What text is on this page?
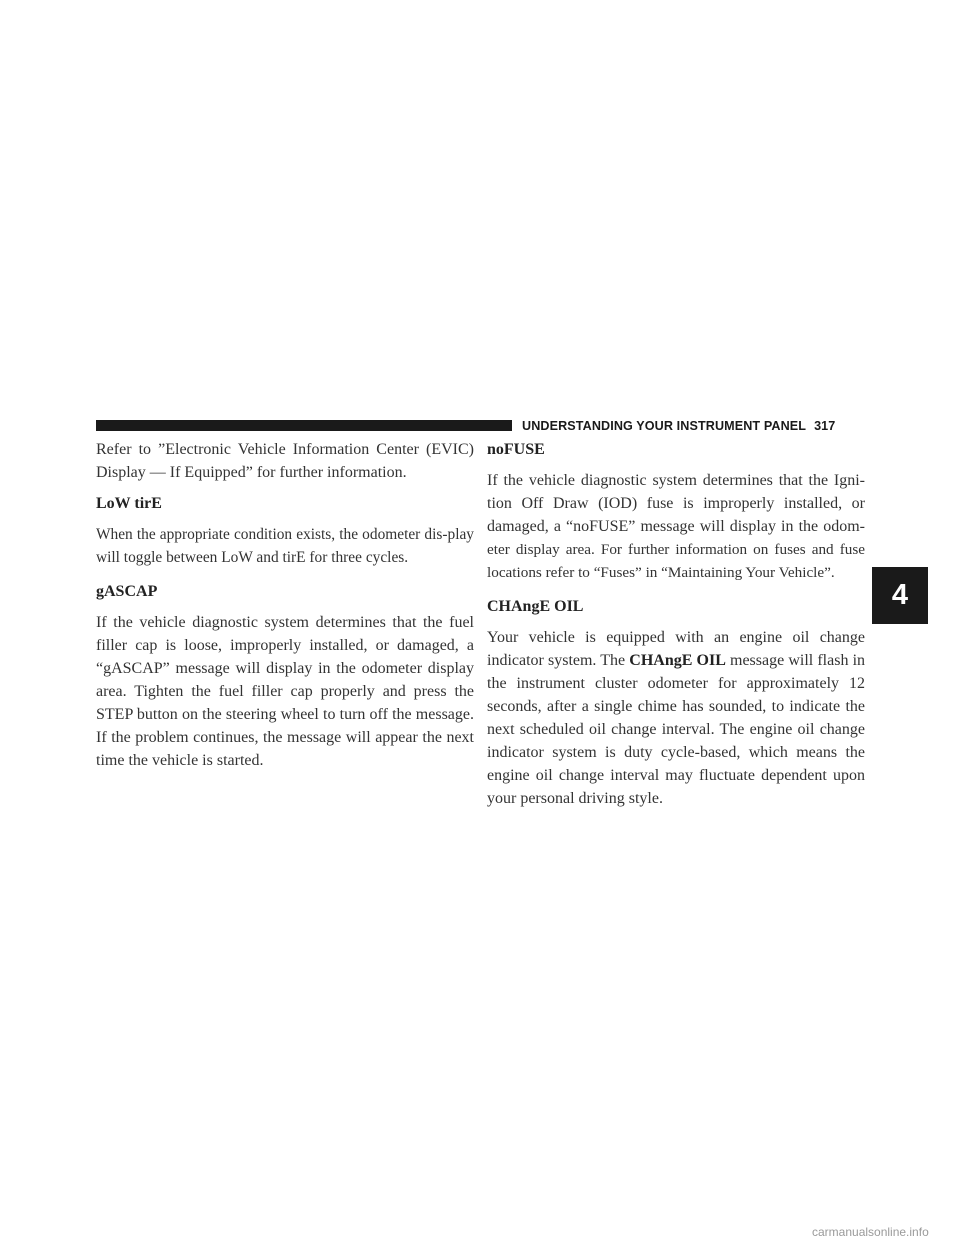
UNDERSTANDING YOUR INSTRUMENT PANEL 317

Refer to ”Electronic Vehicle Information Center (EVIC) Display — If Equipped” for further information.

LoW tirE

When the appropriate condition exists, the odometer dis-play will toggle between LoW and tirE for three cycles.

gASCAP

If the vehicle diagnostic system determines that the fuel filler cap is loose, improperly installed, or damaged, a “gASCAP” message will display in the odometer display area. Tighten the fuel filler cap properly and press the STEP button on the steering wheel to turn off the message. If the problem continues, the message will appear the next time the vehicle is started.

noFUSE

If the vehicle diagnostic system determines that the Igni-tion Off Draw (IOD) fuse is improperly installed, or damaged, a “noFUSE” message will display in the odom- eter display area. For further information on fuses and fuse locations refer to “Fuses” in “Maintaining Your Vehicle”.

CHAngE OIL

Your vehicle is equipped with an engine oil change indicator system. The CHAngE OIL message will flash in the instrument cluster odometer for approximately 12 seconds, after a single chime has sounded, to indicate the next scheduled oil change interval. The engine oil change indicator system is duty cycle-based, which means the engine oil change interval may fluctuate dependent upon your personal driving style.

4
carmanualsonline.info
